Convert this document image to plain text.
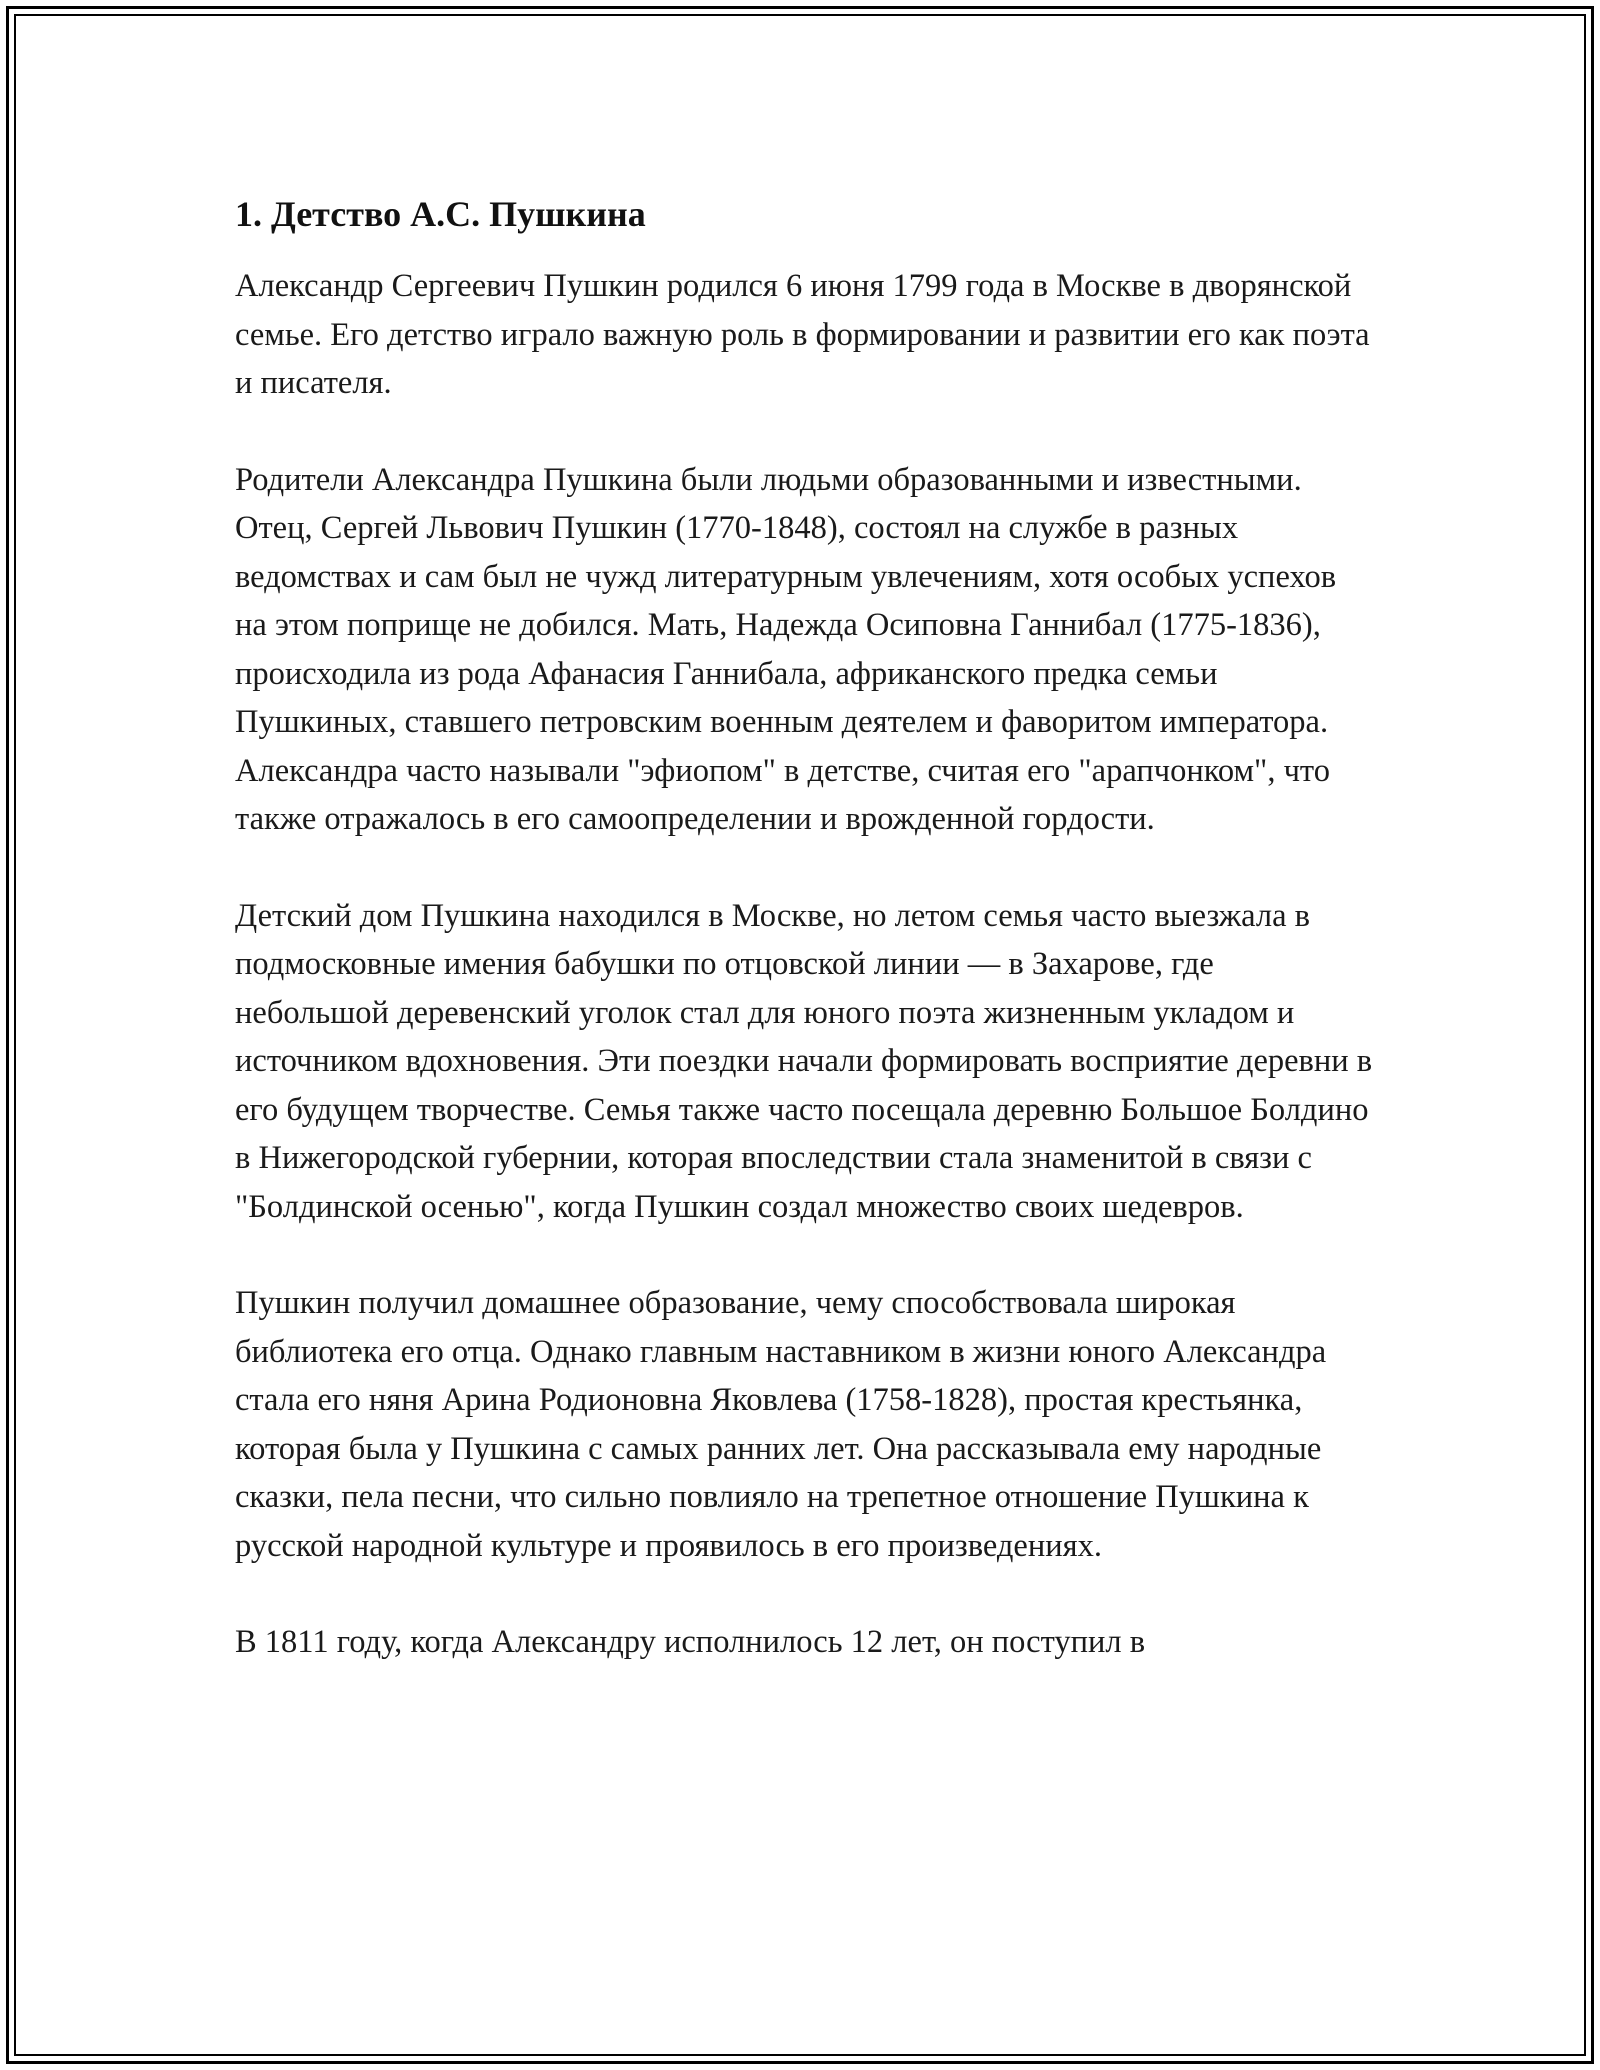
1. Детство А.С. Пушкина

Александр Сергеевич Пушкин родился 6 июня 1799 года в Москве в дворянской семье. Его детство играло важную роль в формировании и развитии его как поэта и писателя.

Родители Александра Пушкина были людьми образованными и известными. Отец, Сергей Львович Пушкин (1770-1848), состоял на службе в разных ведомствах и сам был не чужд литературным увлечениям, хотя особых успехов на этом поприще не добился. Мать, Надежда Осиповна Ганнибал (1775-1836), происходила из рода Афанасия Ганнибала, африканского предка семьи Пушкиных, ставшего петровским военным деятелем и фаворитом императора. Александра часто называли "эфиопом" в детстве, считая его "арапчонком", что также отражалось в его самоопределении и врожденной гордости.

Детский дом Пушкина находился в Москве, но летом семья часто выезжала в подмосковные имения бабушки по отцовской линии — в Захарове, где небольшой деревенский уголок стал для юного поэта жизненным укладом и источником вдохновения. Эти поездки начали формировать восприятие деревни в его будущем творчестве. Семья также часто посещала деревню Большое Болдино в Нижегородской губернии, которая впоследствии стала знаменитой в связи с "Болдинской осенью", когда Пушкин создал множество своих шедевров.

Пушкин получил домашнее образование, чему способствовала широкая библиотека его отца. Однако главным наставником в жизни юного Александра стала его няня Арина Родионовна Яковлева (1758-1828), простая крестьянка, которая была у Пушкина с самых ранних лет. Она рассказывала ему народные сказки, пела песни, что сильно повлияло на трепетное отношение Пушкина к русской народной культуре и проявилось в его произведениях.

В 1811 году, когда Александру исполнилось 12 лет, он поступил в
